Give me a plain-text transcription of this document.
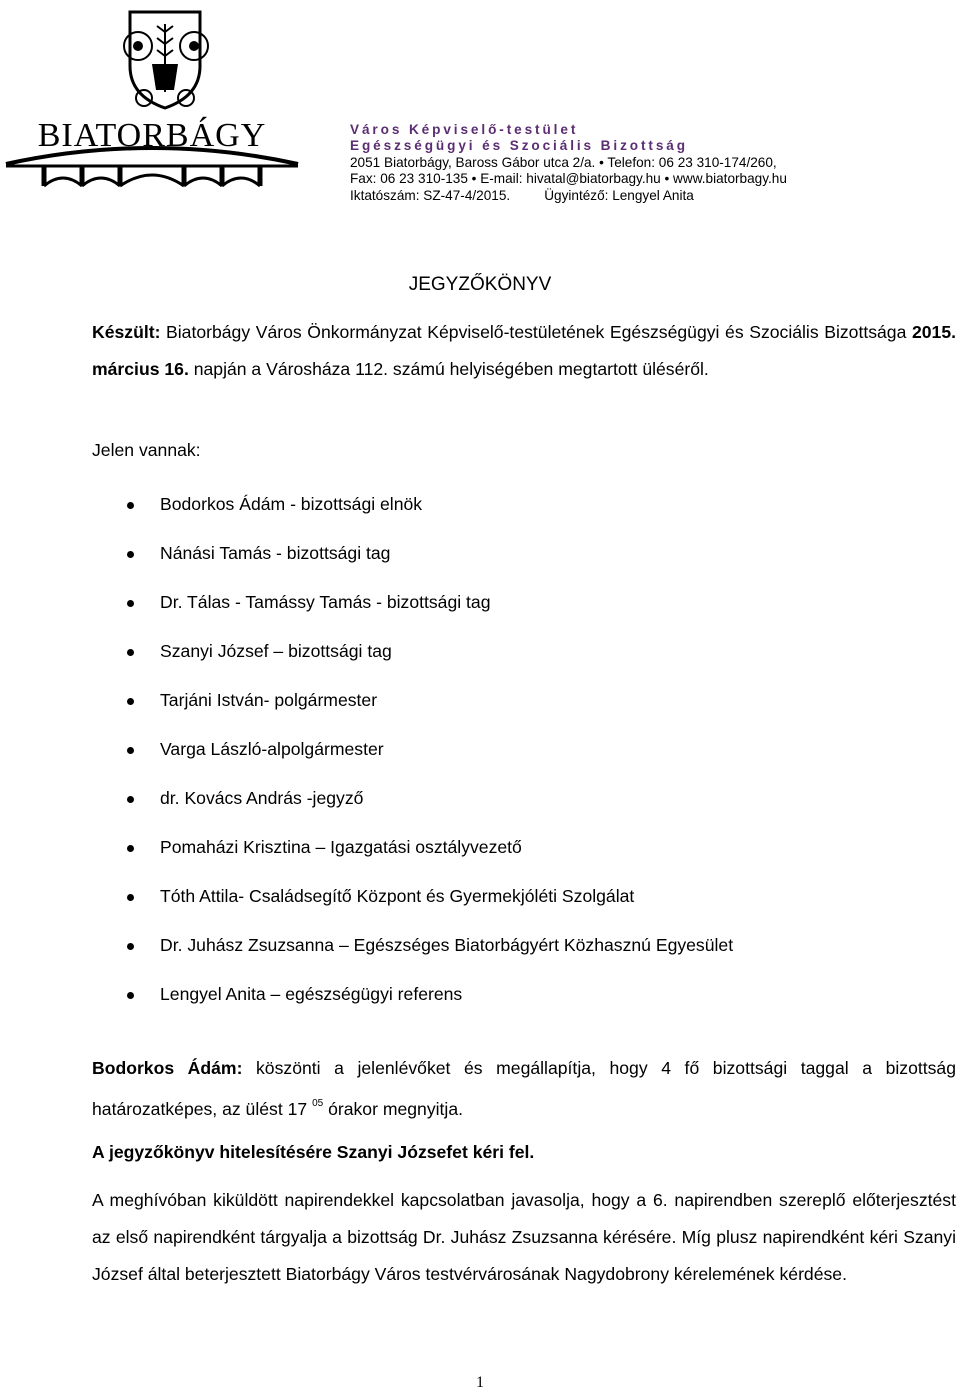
BIATORBÁGY	Város Képviselő-testület
Egészségügyi és Szociális Bizottság
2051 Biatorbágy, Baross Gábor utca 2/a. • Telefon: 06 23 310-174/260,
Fax: 06 23 310-135 • E-mail: hivatal@biatorbagy.hu • www.biatorbagy.hu
Iktatószám: SZ-47-4/2015.	Ügyintéző: Lengyel Anita
JEGYZŐKÖNYV

Készült: Biatorbágy Város Önkormányzat Képviselő-testületének Egészségügyi és Szociális Bizottsága 2015. március 16. napján a Városháza 112. számú helyiségében megtartott üléséről.

Jelen vannak:

Bodorkos Ádám - bizottsági elnök
Nánási Tamás - bizottsági tag
Dr. Tálas - Tamássy Tamás - bizottsági tag
Szanyi József – bizottsági tag
Tarjáni István- polgármester
Varga László-alpolgármester
dr. Kovács András -jegyző
Pomaházi Krisztina – Igazgatási osztályvezető
Tóth Attila- Családsegítő Központ és Gyermekjóléti Szolgálat
Dr. Juhász Zsuzsanna – Egészséges Biatorbágyért Közhasznú Egyesület
Lengyel Anita – egészségügyi referens

Bodorkos Ádám: köszönti a jelenlévőket és megállapítja, hogy 4 fő bizottsági taggal a bizottság határozatképes, az ülést 17 $^{05}$ órakor megnyitja.

A jegyzőkönyv hitelesítésére Szanyi Józsefet kéri fel.

A meghívóban kiküldött napirendekkel kapcsolatban javasolja, hogy a 6. napirendben szereplő előterjesztést az első napirendként tárgyalja a bizottság Dr. Juhász Zsuzsanna kérésére. Míg plusz napirendként kéri Szanyi József által beterjesztett Biatorbágy Város testvérvárosának Nagydobrony kérelemének kérdése.

1
